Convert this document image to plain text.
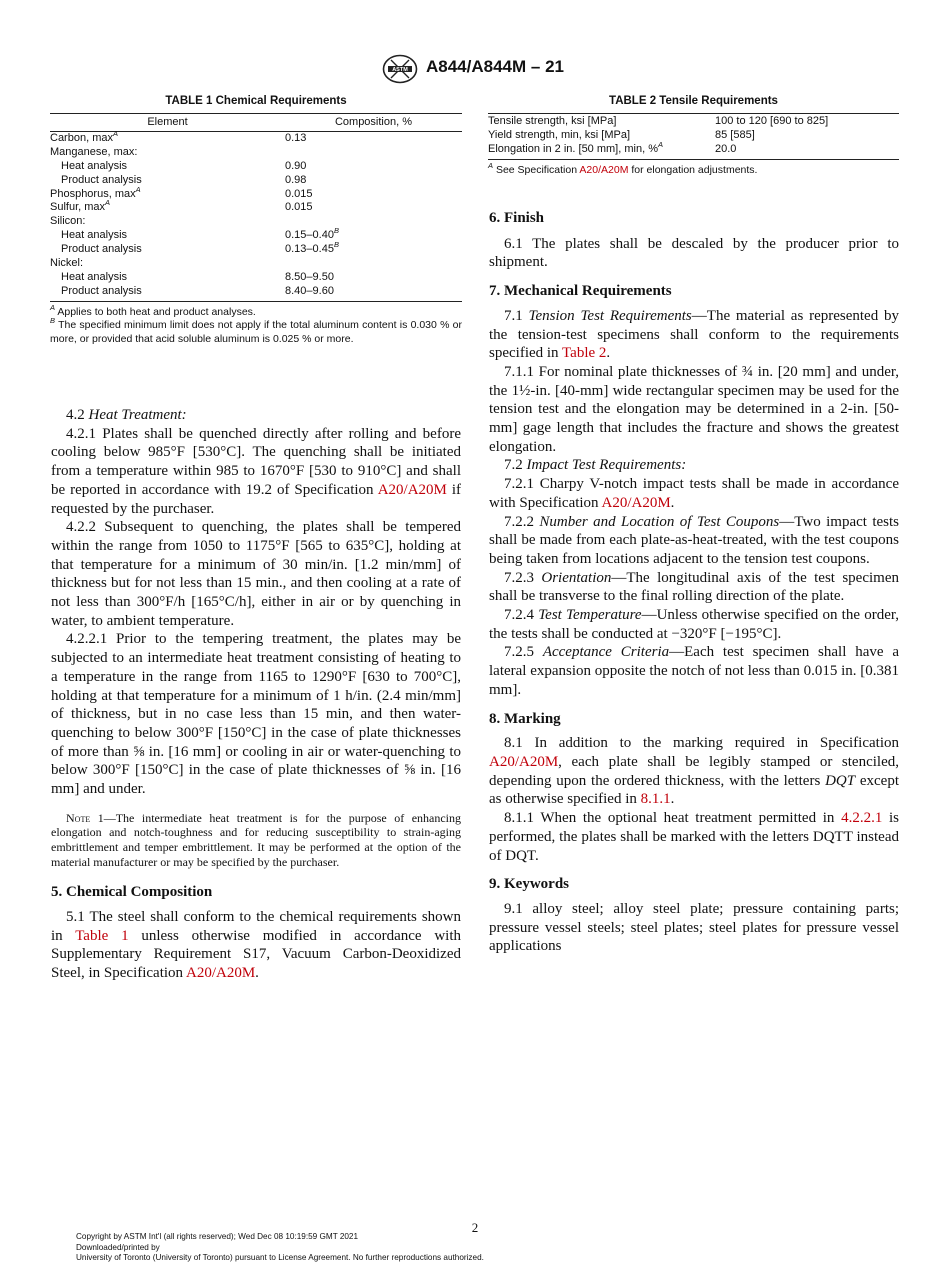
ASTM A844/A844M – 21
TABLE 1 Chemical Requirements
Element	Composition, %
Carbon, $\max^A$	0.13
Manganese, max:	
Heat analysis	0.90
Product analysis	0.98
Phosphorus, $\max^A$	0.015
Sulfur, $\max^A$	0.015
Silicon:	
Heat analysis	$0.15-0.40^B$
Product analysis	$0.13-0.45^B$
Nickel:	
Heat analysis	8.50–9.50
Product analysis	8.40–9.60
$^A$ Applies to both heat and product analyses.
$^B$ The specified minimum limit does not apply if the total aluminum content is 0.030 % or more, or provided that acid soluble aluminum is 0.025 % or more.
TABLE 2 Tensile Requirements
Tensile strength, ksi [MPa]	100 to 120 [690 to 825]
Yield strength, min, ksi [MPa]	85 [585]
Elongation in 2 in. [50 mm], min, %$^A$	20.0
$^A$ See Specification A20/A20M for elongation adjustments.

4.2 Heat Treatment:

4.2.1 Plates shall be quenched directly after rolling and before cooling below 985°F [530°C]. The quenching shall be initiated from a temperature within 985 to 1670°F [530 to 910°C] and shall be reported in accordance with 19.2 of Specification A20/A20M if requested by the purchaser.

4.2.2 Subsequent to quenching, the plates shall be tempered within the range from 1050 to 1175°F [565 to 635°C], holding at that temperature for a minimum of 30 min/in. [1.2 min/mm] of thickness but for not less than 15 min., and then cooling at a rate of not less than 300°F/h [165°C/h], either in air or by quenching in water, to ambient temperature.

4.2.2.1 Prior to the tempering treatment, the plates may be subjected to an intermediate heat treatment consisting of heating to a temperature in the range from 1165 to 1290°F [630 to 700°C], holding at that temperature for a minimum of 1 h/in. (2.4 min/mm] of thickness, but in no case less than 15 min, and then water-quenching to below 300°F [150°C] in the case of plate thicknesses of more than ⅝ in. [16 mm] or cooling in air or water-quenching to below 300°F [150°C] in the case of plate thicknesses of ⅝ in. [16 mm] and under.

Note 1—The intermediate heat treatment is for the purpose of enhancing elongation and notch-toughness and for reducing susceptibility to strain-aging embrittlement and temper embrittlement. It may be performed at the option of the material manufacturer or may be specified by the purchaser.
5. Chemical Composition

5.1 The steel shall conform to the chemical requirements shown in Table 1 unless otherwise modified in accordance with Supplementary Requirement S17, Vacuum Carbon-Deoxidized Steel, in Specification A20/A20M.

6. Finish

6.1 The plates shall be descaled by the producer prior to shipment.

7. Mechanical Requirements

7.1 Tension Test Requirements—The material as represented by the tension-test specimens shall conform to the requirements specified in Table 2.

7.1.1 For nominal plate thicknesses of ¾ in. [20 mm] and under, the 1½-in. [40-mm] wide rectangular specimen may be used for the tension test and the elongation may be determined in a 2-in. [50-mm] gage length that includes the fracture and shows the greatest elongation.

7.2 Impact Test Requirements:

7.2.1 Charpy V-notch impact tests shall be made in accordance with Specification A20/A20M.

7.2.2 Number and Location of Test Coupons—Two impact tests shall be made from each plate-as-heat-treated, with the test coupons being taken from locations adjacent to the tension test coupons.

7.2.3 Orientation—The longitudinal axis of the test specimen shall be transverse to the final rolling direction of the plate.

7.2.4 Test Temperature—Unless otherwise specified on the order, the tests shall be conducted at −320°F [−195°C].

7.2.5 Acceptance Criteria—Each test specimen shall have a lateral expansion opposite the notch of not less than 0.015 in. [0.381 mm].

8. Marking

8.1 In addition to the marking required in Specification A20/A20M, each plate shall be legibly stamped or stenciled, depending upon the ordered thickness, with the letters DQT except as otherwise specified in 8.1.1.

8.1.1 When the optional heat treatment permitted in 4.2.2.1 is performed, the plates shall be marked with the letters DQTT instead of DQT.

9. Keywords

9.1 alloy steel; alloy steel plate; pressure containing parts; pressure vessel steels; steel plates; steel plates for pressure vessel applications

2
Copyright by ASTM Int'l (all rights reserved); Wed Dec 08 10:19:59 GMT 2021
Downloaded/printed by
University of Toronto (University of Toronto) pursuant to License Agreement. No further reproductions authorized.
